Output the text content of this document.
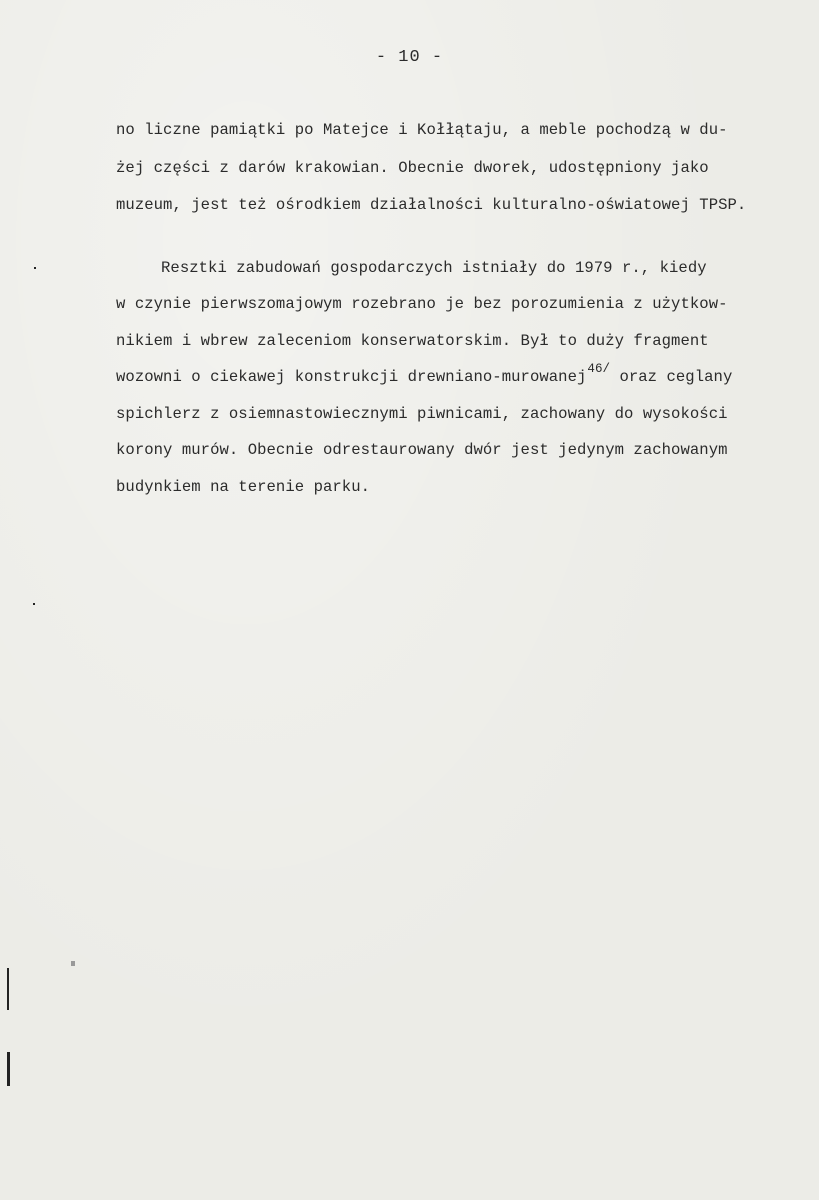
- 10 -
no liczne pamiątki po Matejce i Kołłątaju, a meble pochodzą w du-
żej części z darów krakowian. Obecnie dworek, udostępniony jako
muzeum, jest też ośrodkiem działalności kulturalno-oświatowej TPSP.
Resztki zabudowań gospodarczych istniały do 1979 r., kiedy
w czynie pierwszomajowym rozebrano je bez porozumienia z użytkow-
nikiem i wbrew zaleceniom konserwatorskim. Był to duży fragment
wozowni o ciekawej konstrukcji drewniano-murowanej$^{46/}$ oraz ceglany
spichlerz z osiemnastowiecznymi piwnicami, zachowany do wysokości
korony murów. Obecnie odrestaurowany dwór jest jedynym zachowanym
budynkiem na terenie parku.
